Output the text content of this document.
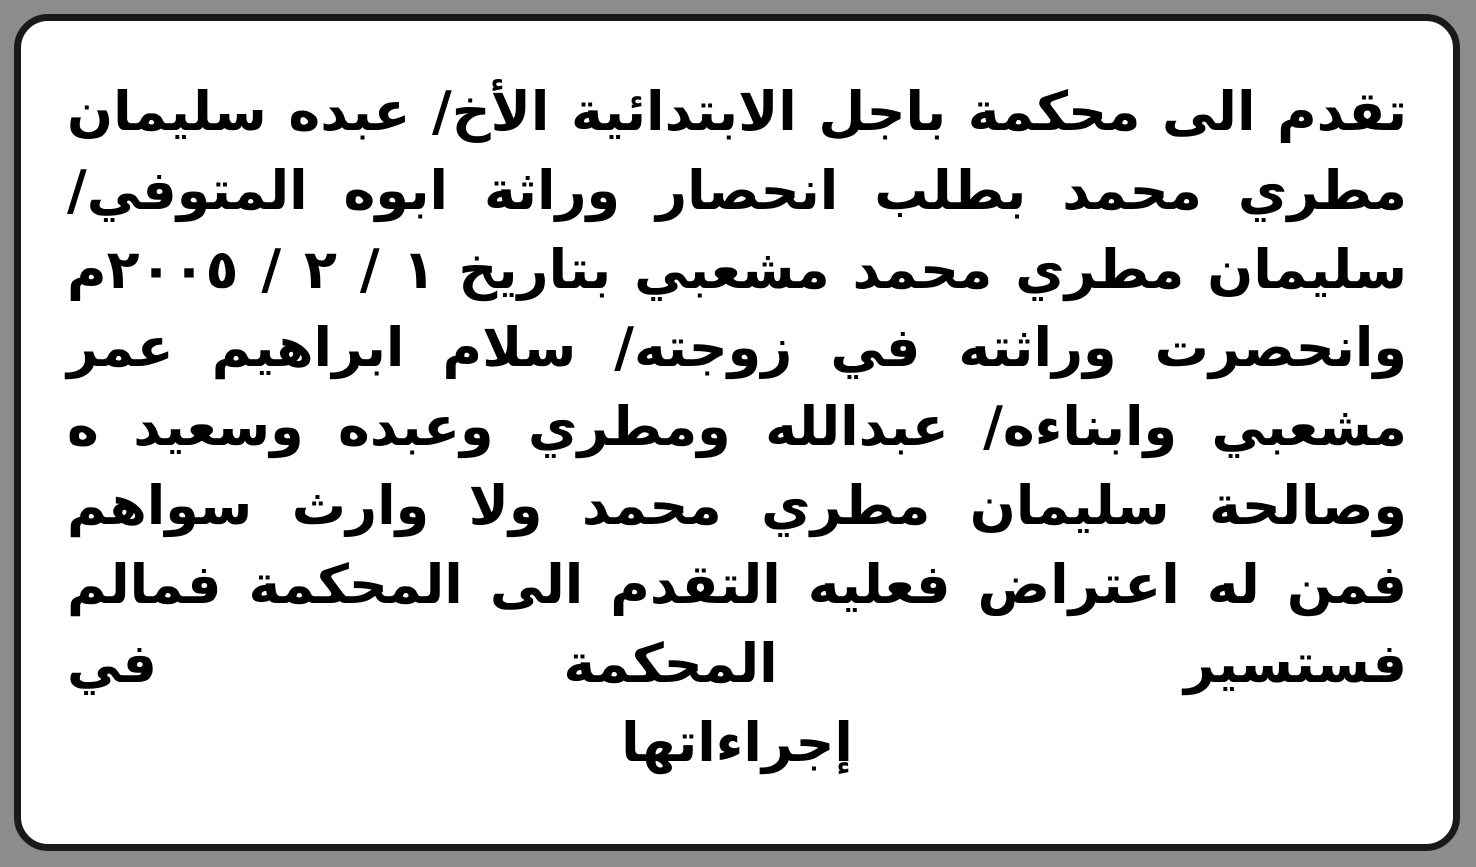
تقدم الى محكمة باجل الابتدائية الأخ/ عبده سليمان مطري محمد بطلب انحصار وراثة ابوه المتوفي/ سليمان مطري محمد مشعبي بتاريخ ١ / ٢ / ٢٠٠٥م وانحصرت وراثته في زوجته/ سلام ابراهيم عمر مشعبي وابناءه/ عبدالله ومطري وعبده وسعيد ه وصالحة سليمان مطري محمد ولا وارث سواهم فمن له اعتراض فعليه التقدم الى المحكمة فمالم فستسير المحكمة في
إجراءاتها
